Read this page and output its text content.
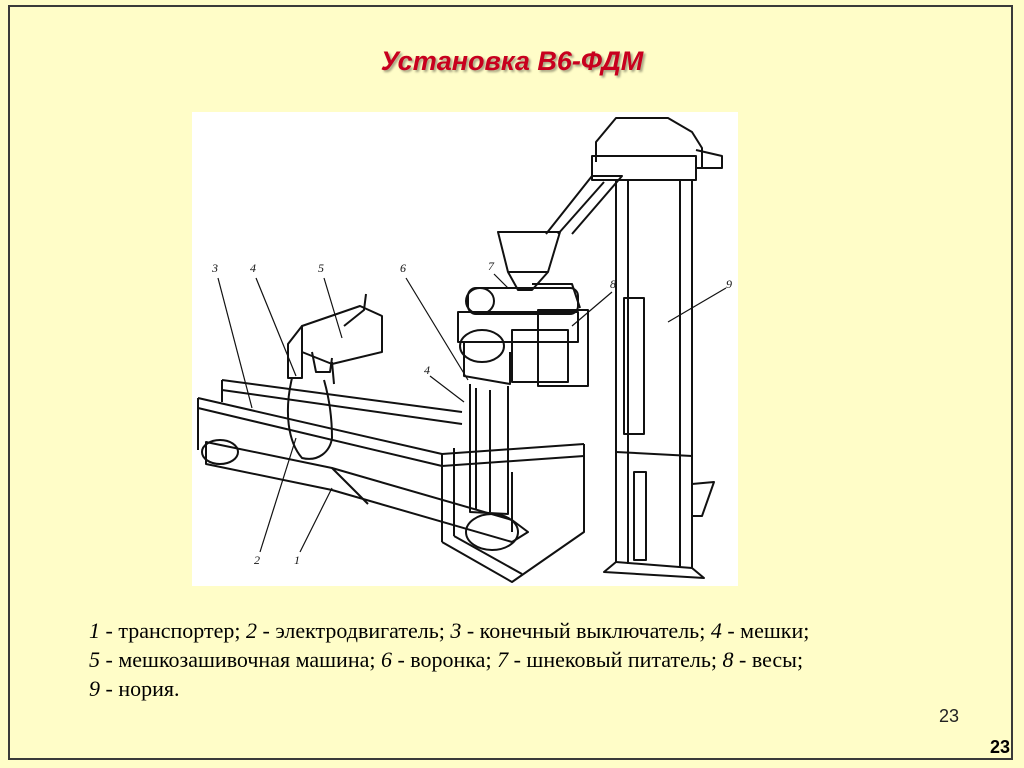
Установка В6-ФДМ
3	4	5	6
4
7
8	9
2	1
1 - транспортер; 2 - электродвигатель; 3 - конечный выключатель; 4 - мешки;
5 - мешкозашивочная машина; 6 - воронка; 7 - шнековый питатель; 8 - весы;
9 - нория.
23
23
